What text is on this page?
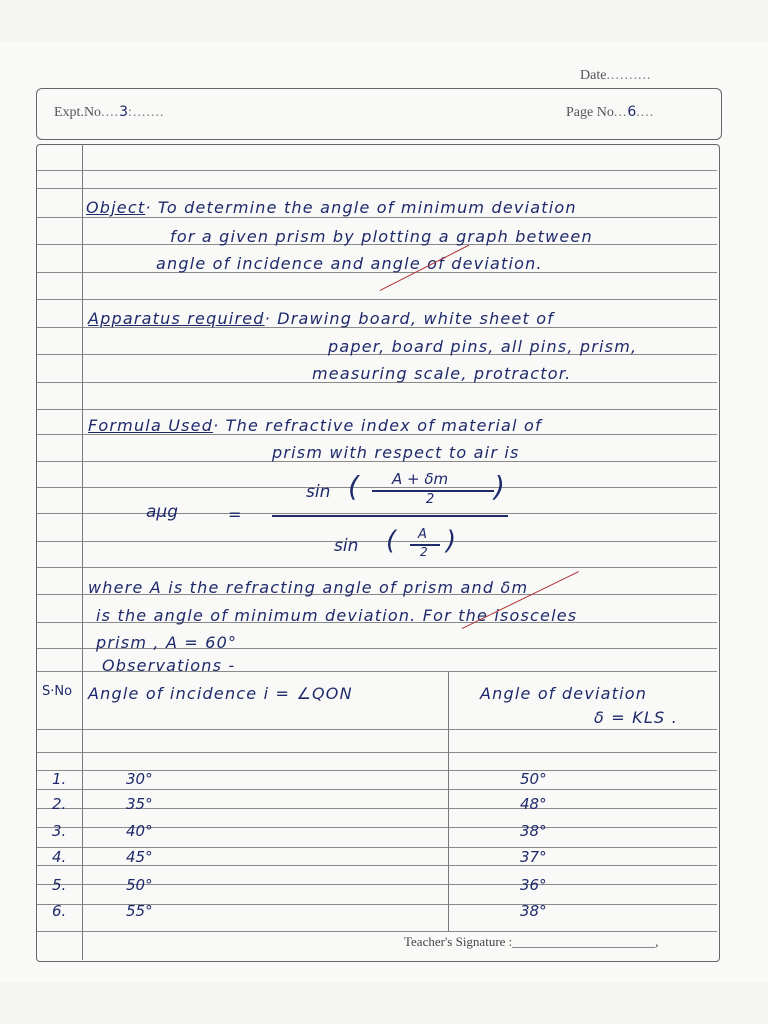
Date..........
Expt.No....3:.......	Page No...6....
Object· To determine the angle of minimum deviation
for a given prism by plotting a graph between
angle of incidence and angle of deviation.
Apparatus required· Drawing board, white sheet of
paper, board pins, all pins, prism,
measuring scale, protractor.
Formula Used· The refractive index of material of
prism with respect to air is
aμg	=
sin ( A + δm
2 )
sin ( A
2 )
where A is the refracting angle of prism and δm
is the angle of minimum deviation. For the isosceles
prism , A = 60°
Observations -
S·No Angle of incidence i = ∠QON	Angle of deviation
δ = KLS .
1.	30°	50°
2.	35°	48°
3.	40°	38°
4.	45°	37°
5.	50°	36°
6.	55°	38°
Teacher's Signature :______________________,
